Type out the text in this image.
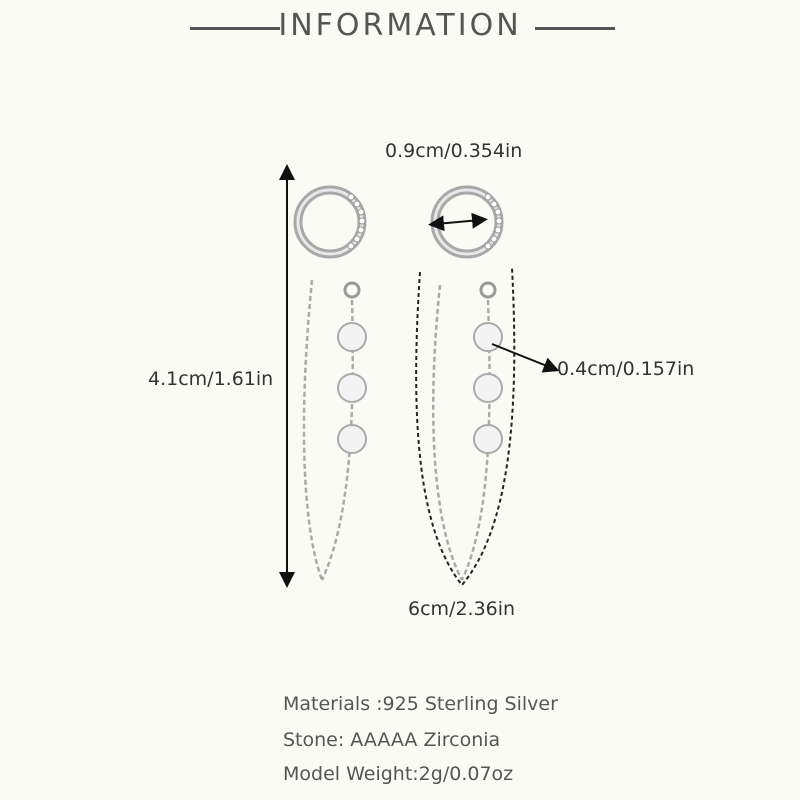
INFORMATION
0.9cm/0.354in
4.1cm/1.61in	0.4cm/0.157in
6cm/2.36in
Materials :925 Sterling Silver
Stone: AAAAA Zirconia
Model Weight:2g/0.07oz
